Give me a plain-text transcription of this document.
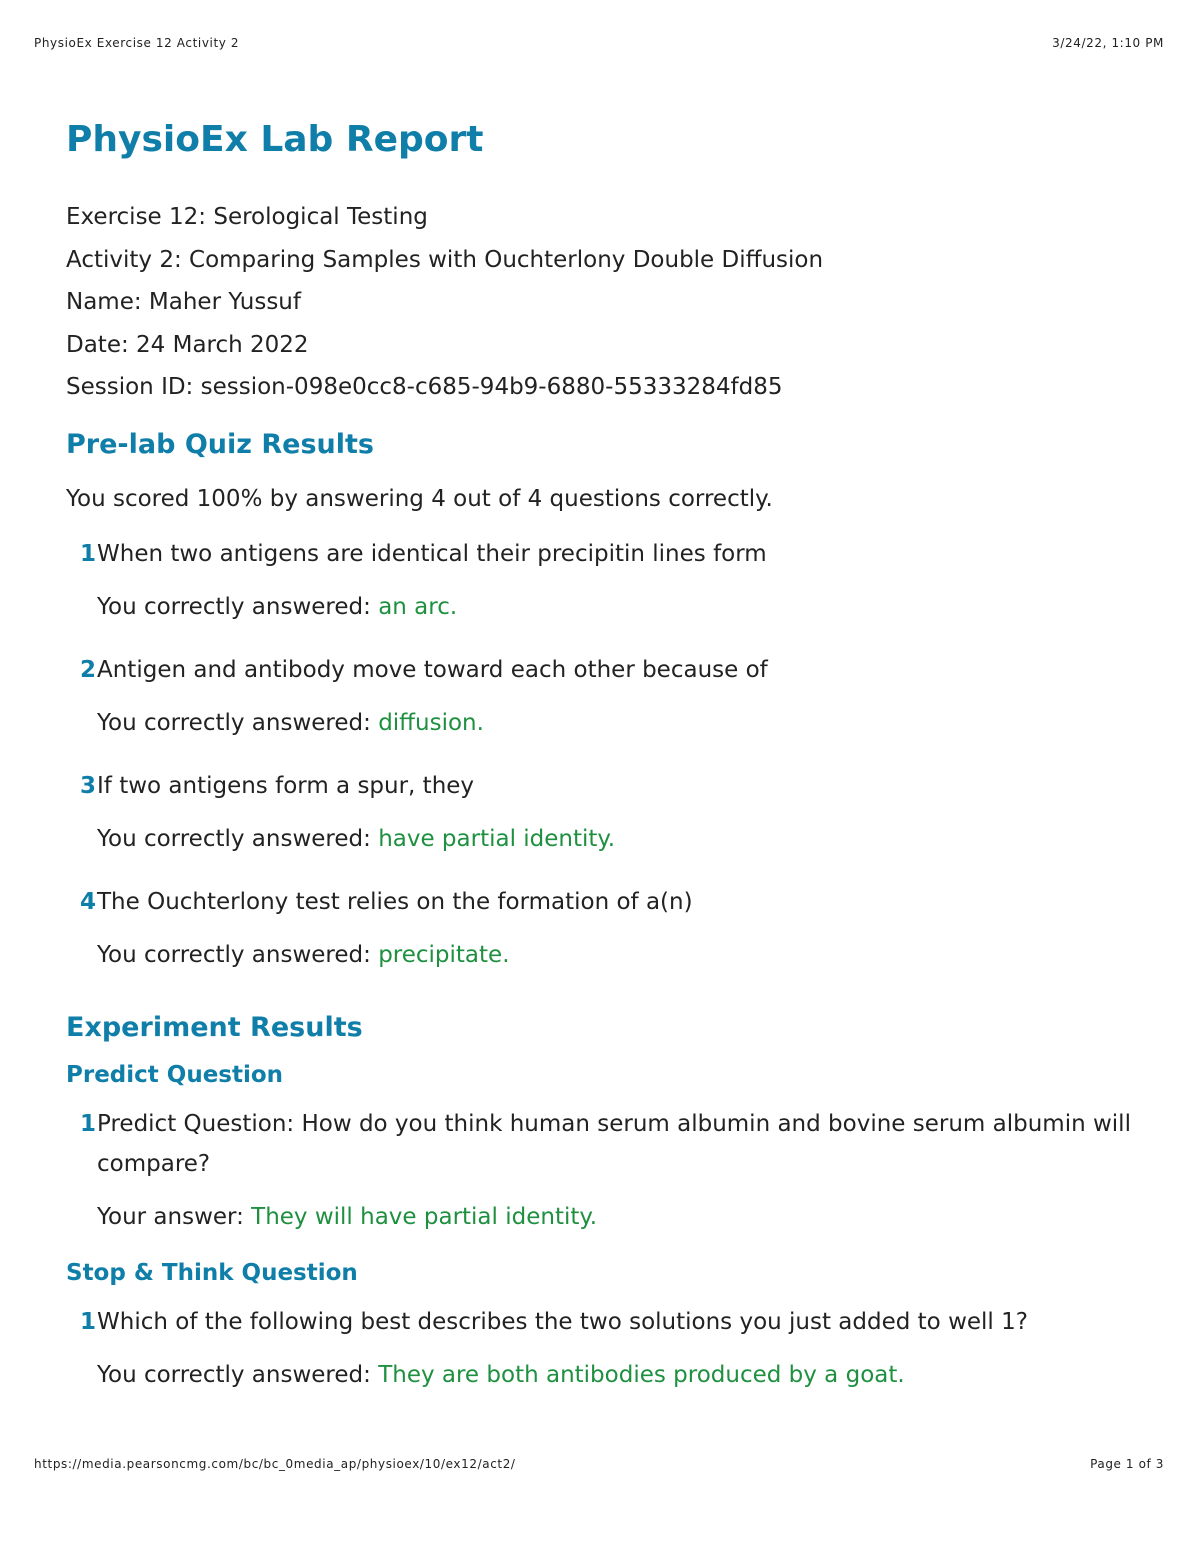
PhysioEx Exercise 12 Activity 2	3/24/22, 1:10 PM
PhysioEx Lab Report
Exercise 12: Serological Testing
Activity 2: Comparing Samples with Ouchterlony Double Diffusion
Name: Maher Yussuf
Date: 24 March 2022
Session ID: session-098e0cc8-c685-94b9-6880-55333284fd85
Pre-lab Quiz Results
You scored 100% by answering 4 out of 4 questions correctly.
1 When two antigens are identical their precipitin lines form
You correctly answered: an arc.
2 Antigen and antibody move toward each other because of
You correctly answered: diffusion.
3 If two antigens form a spur, they
You correctly answered: have partial identity.
4 The Ouchterlony test relies on the formation of a(n)
You correctly answered: precipitate.
Experiment Results
Predict Question
1 Predict Question: How do you think human serum albumin and bovine serum albumin will compare?
Your answer: They will have partial identity.
Stop & Think Question
1 Which of the following best describes the two solutions you just added to well 1?
You correctly answered: They are both antibodies produced by a goat.
https://media.pearsoncmg.com/bc/bc_0media_ap/physioex/10/ex12/act2/	Page 1 of 3
